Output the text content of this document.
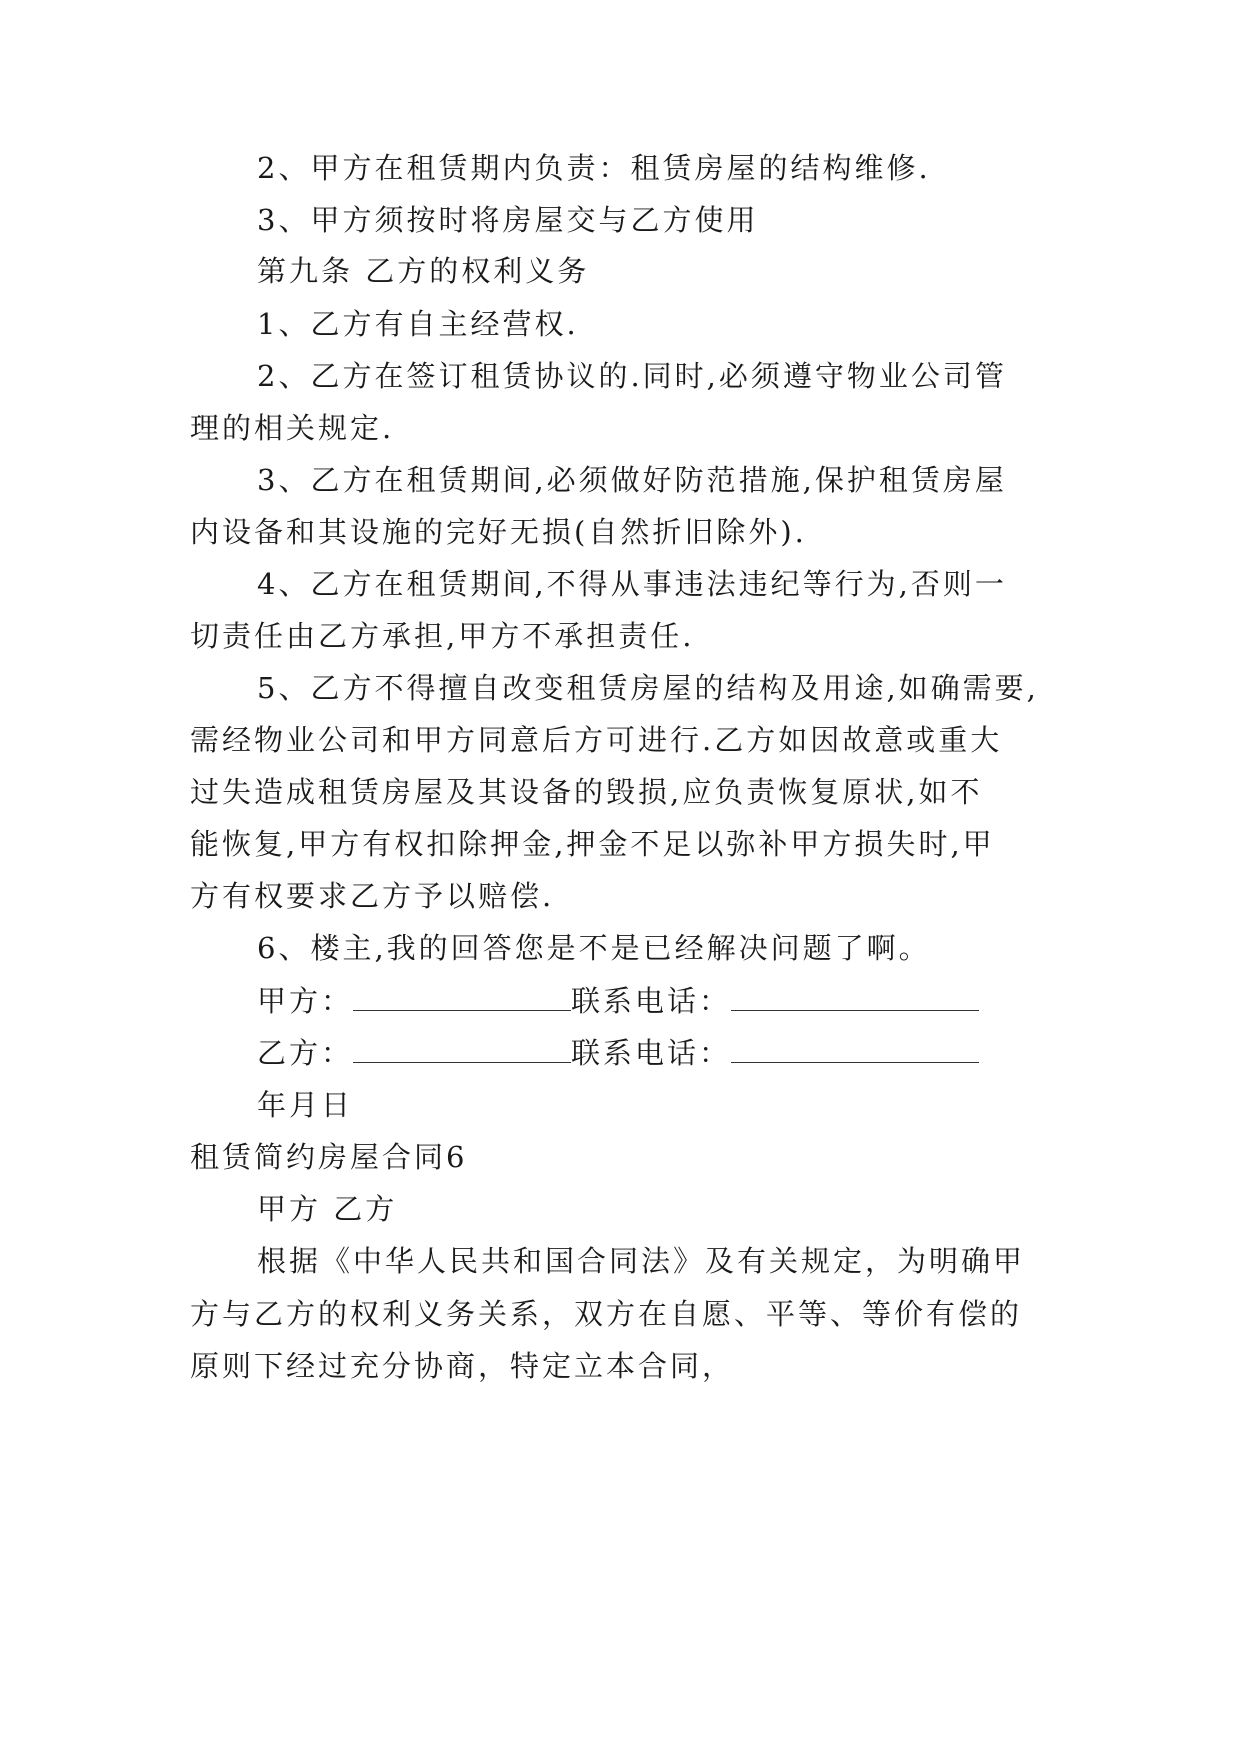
2、甲方在租赁期内负责：租赁房屋的结构维修.
3、甲方须按时将房屋交与乙方使用
第九条 乙方的权利义务
1、乙方有自主经营权.
2、乙方在签订租赁协议的.同时,必须遵守物业公司管
理的相关规定.
3、乙方在租赁期间,必须做好防范措施,保护租赁房屋
内设备和其设施的完好无损(自然折旧除外).
4、乙方在租赁期间,不得从事违法违纪等行为,否则一
切责任由乙方承担,甲方不承担责任.
5、乙方不得擅自改变租赁房屋的结构及用途,如确需要,
需经物业公司和甲方同意后方可进行.乙方如因故意或重大
过失造成租赁房屋及其设备的毁损,应负责恢复原状,如不
能恢复,甲方有权扣除押金,押金不足以弥补甲方损失时,甲
方有权要求乙方予以赔偿.
6、楼主,我的回答您是不是已经解决问题了啊。
甲方：	联系电话：
乙方：	联系电话：
年月日
租赁简约房屋合同6
甲方 乙方
根据《中华人民共和国合同法》及有关规定，为明确甲
方与乙方的权利义务关系，双方在自愿、平等、等价有偿的
原则下经过充分协商，特定立本合同，
